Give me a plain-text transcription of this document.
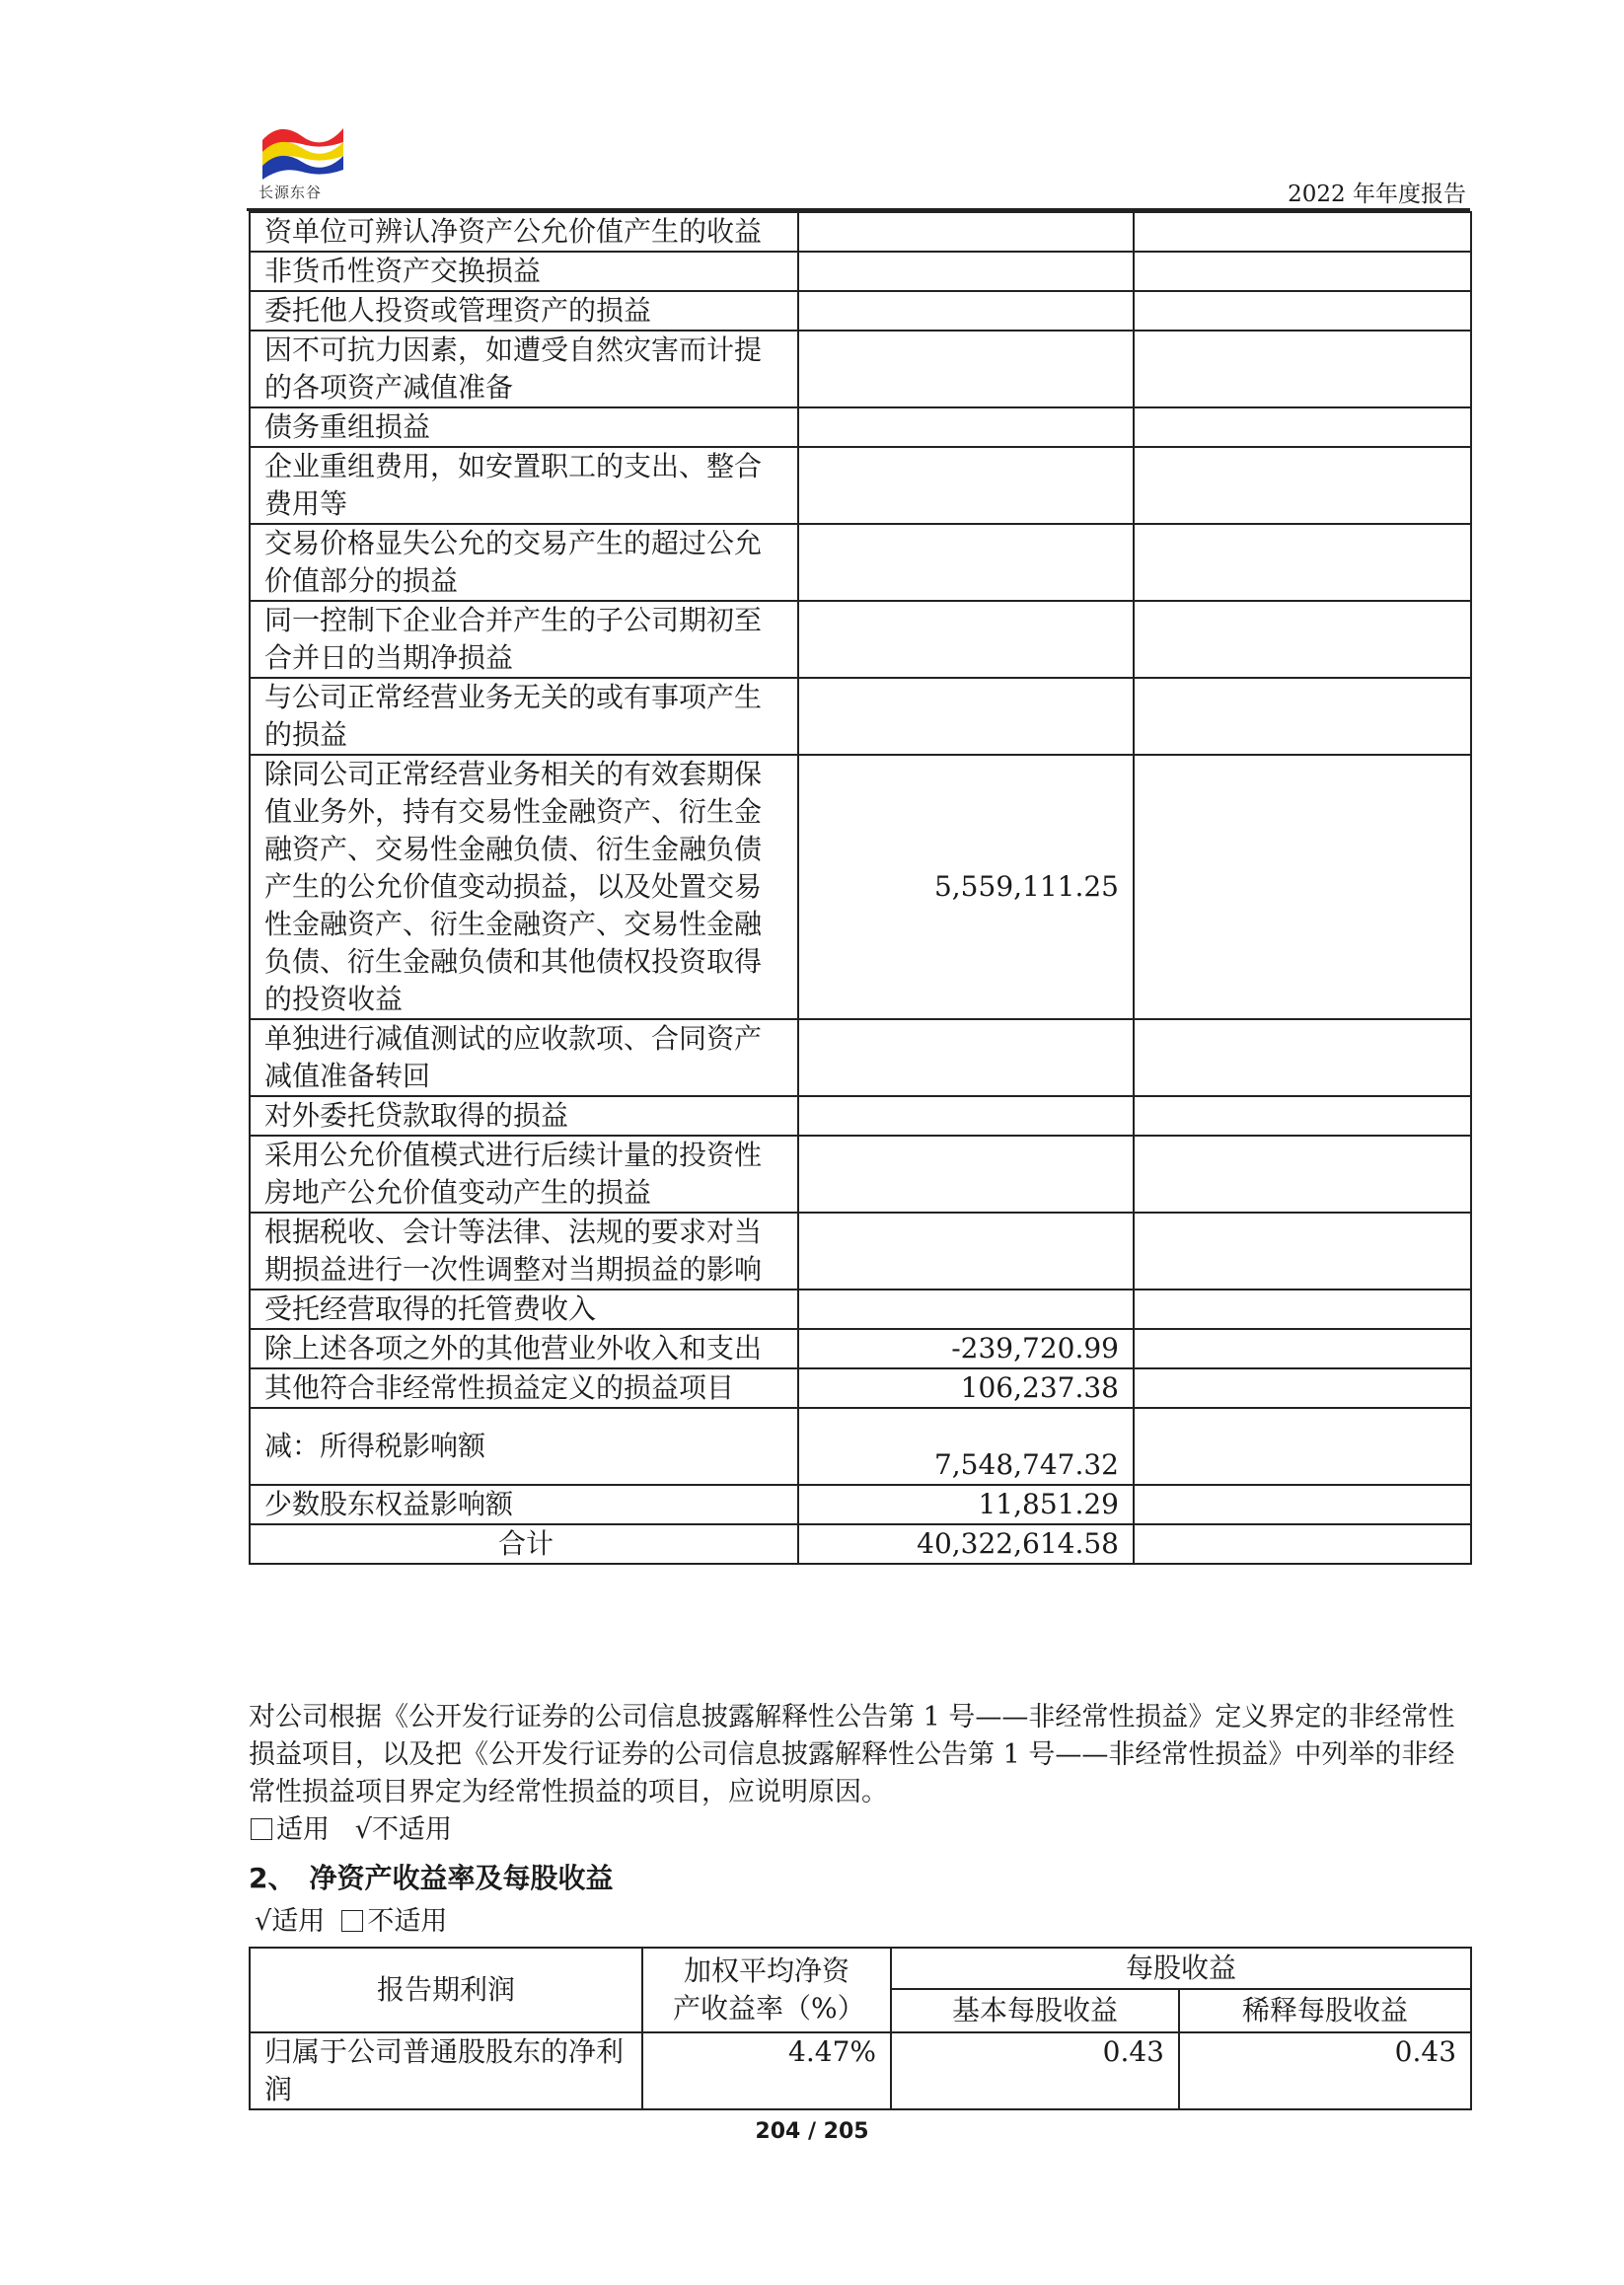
长源东谷	2022 年年度报告
资单位可辨认净资产公允价值产生的收益		
非货币性资产交换损益		
委托他人投资或管理资产的损益		
因不可抗力因素，如遭受自然灾害而计提的各项资产减值准备		
债务重组损益		
企业重组费用，如安置职工的支出、整合费用等		
交易价格显失公允的交易产生的超过公允价值部分的损益		
同一控制下企业合并产生的子公司期初至合并日的当期净损益		
与公司正常经营业务无关的或有事项产生的损益		
除同公司正常经营业务相关的有效套期保值业务外，持有交易性金融资产、衍生金融资产、交易性金融负债、衍生金融负债产生的公允价值变动损益，以及处置交易性金融资产、衍生金融资产、交易性金融负债、衍生金融负债和其他债权投资取得的投资收益	5,559,111.25	
单独进行减值测试的应收款项、合同资产减值准备转回		
对外委托贷款取得的损益		
采用公允价值模式进行后续计量的投资性房地产公允价值变动产生的损益		
根据税收、会计等法律、法规的要求对当期损益进行一次性调整对当期损益的影响		
受托经营取得的托管费收入		
除上述各项之外的其他营业外收入和支出	-239,720.99	
其他符合非经常性损益定义的损益项目	106,237.38	
减：所得税影响额	7,548,747.32	
少数股东权益影响额	11,851.29	
合计	40,322,614.58	
对公司根据《公开发行证券的公司信息披露解释性公告第 1 号——非经常性损益》定义界定的非经常性损益项目，以及把《公开发行证券的公司信息披露解释性公告第 1 号——非经常性损益》中列举的非经常性损益项目界定为经常性损益的项目，应说明原因。
适用 √不适用
2、　净资产收益率及每股收益
√适用 不适用
报告期利润	加权平均净资产收益率（%）	每股收益	
		基本每股收益	稀释每股收益
归属于公司普通股股东的净利润	4.47%	0.43	0.43
204 / 205
